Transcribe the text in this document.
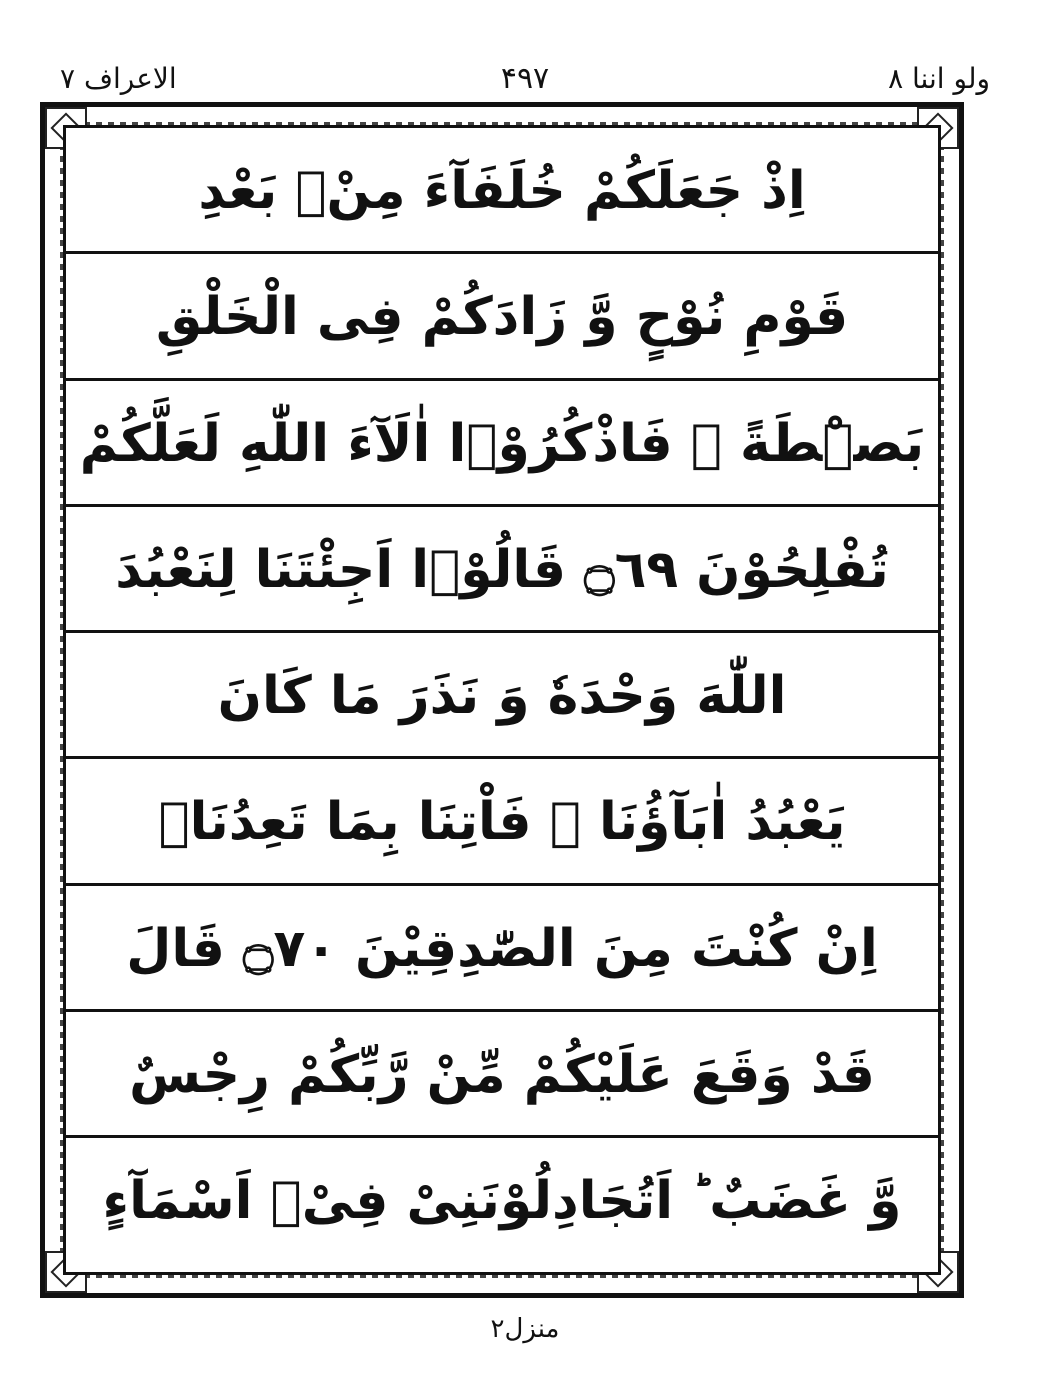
ولو اننا ۸
۴۹۷
الاعراف ۷
اِذْ جَعَلَكُمْ خُلَفَآءَ مِنْۢ بَعْدِ
قَوْمِ نُوْحٍ وَّ زَادَكُمْ فِی الْخَلْقِ
بَصْۜطَةً ۚ فَاذْكُرُوْۤا اٰلَآءَ اللّٰهِ لَعَلَّكُمْ
تُفْلِحُوْنَ ۝٦٩ قَالُوْۤا اَجِئْتَنَا لِنَعْبُدَ
اللّٰهَ وَحْدَهٗ وَ نَذَرَ مَا كَانَ
یَعْبُدُ اٰبَآؤُنَا ۚ فَاْتِنَا بِمَا تَعِدُنَاۤ
اِنْ كُنْتَ مِنَ الصّٰدِقِیْنَ ۝٧٠ قَالَ
قَدْ وَقَعَ عَلَیْكُمْ مِّنْ رَّبِّكُمْ رِجْسٌ
وَّ غَضَبٌ ؕ اَتُجَادِلُوْنَنِیْ فِیْۤ اَسْمَآءٍ
منزل۲
